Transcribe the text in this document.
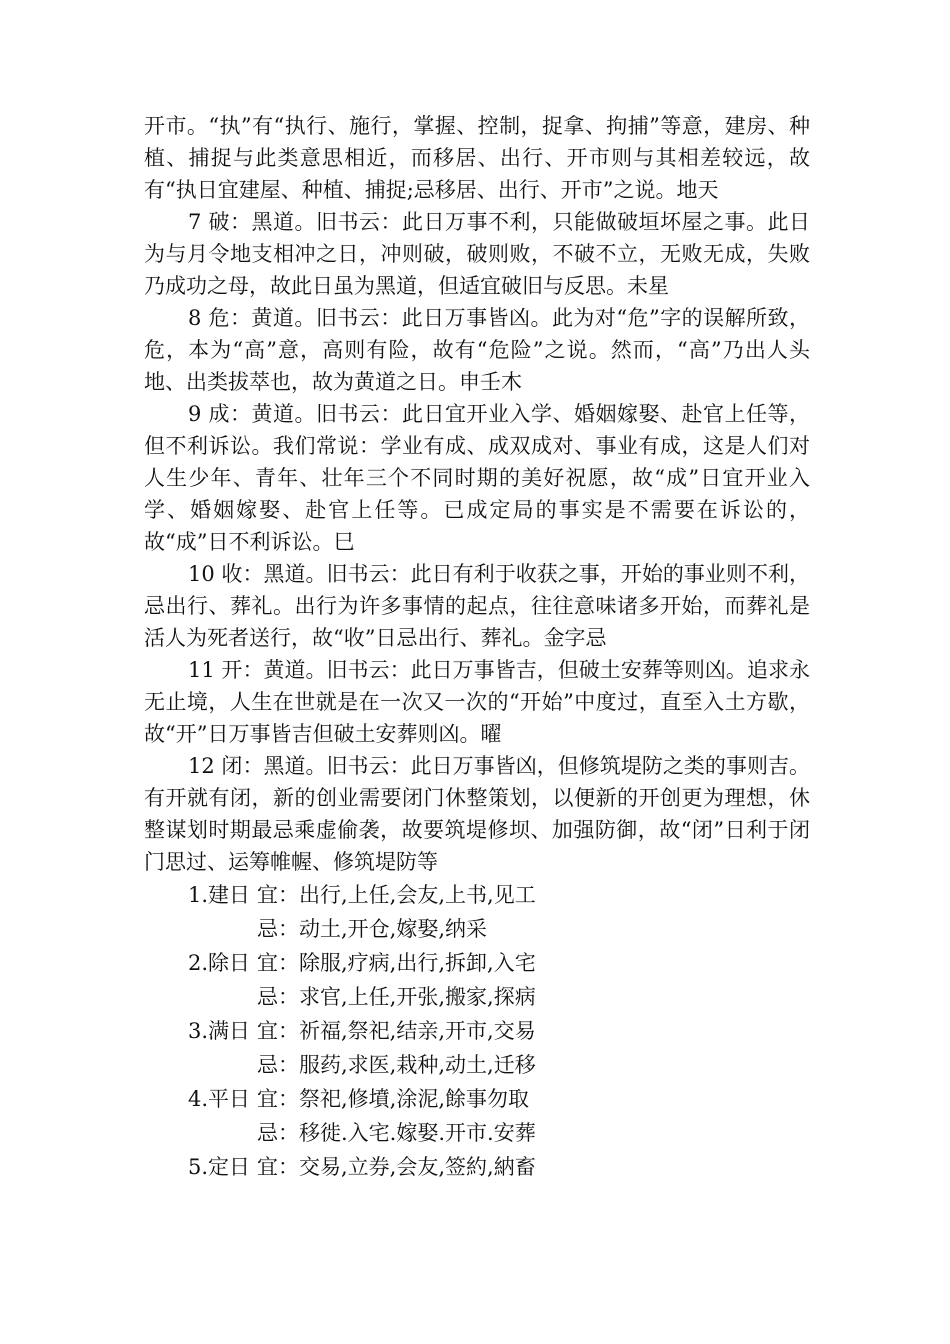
开市。“执”有“执行、施行，掌握、控制，捉拿、拘捕”等意，建房、种植、捕捉与此类意思相近，而移居、出行、开市则与其相差较远，故有“执日宜建屋、种植、捕捉;忌移居、出行、开市”之说。地天

7 破：黑道。旧书云：此日万事不利，只能做破垣坏屋之事。此日为与月令地支相冲之日，冲则破，破则败，不破不立，无败无成，失败乃成功之母，故此日虽为黑道，但适宜破旧与反思。未星

8 危：黄道。旧书云：此日万事皆凶。此为对“危”字的误解所致，危，本为“高”意，高则有险，故有“危险”之说。然而，“高”乃出人头地、出类拔萃也，故为黄道之日。申壬木

9 成：黄道。旧书云：此日宜开业入学、婚姻嫁娶、赴官上任等，但不利诉讼。我们常说：学业有成、成双成对、事业有成，这是人们对人生少年、青年、壮年三个不同时期的美好祝愿，故“成”日宜开业入学、婚姻嫁娶、赴官上任等。已成定局的事实是不需要在诉讼的，故“成”日不利诉讼。巳

10 收：黑道。旧书云：此日有利于收获之事，开始的事业则不利，忌出行、葬礼。出行为许多事情的起点，往往意味诸多开始，而葬礼是活人为死者送行，故“收”日忌出行、葬礼。金字忌

11 开：黄道。旧书云：此日万事皆吉，但破土安葬等则凶。追求永无止境，人生在世就是在一次又一次的“开始”中度过，直至入土方歇，故“开”日万事皆吉但破土安葬则凶。曜

12 闭：黑道。旧书云：此日万事皆凶，但修筑堤防之类的事则吉。有开就有闭，新的创业需要闭门休整策划，以便新的开创更为理想，休整谋划时期最忌乘虚偷袭，故要筑堤修坝、加强防御，故“闭”日利于闭门思过、运筹帷幄、修筑堤防等

1.建日 宜： 出行,上任,会友,上书,见工
忌： 动土,开仓,嫁娶,纳采
2.除日 宜： 除服,疗病,出行,拆卸,入宅
忌： 求官,上任,开张,搬家,探病
3.满日 宜： 祈福,祭祀,结亲,开市,交易
忌： 服药,求医,栽种,动土,迁移
4.平日 宜： 祭祀,修墳,涂泥,餘事勿取
忌： 移徙.入宅.嫁娶.开市.安葬
5.定日 宜： 交易,立券,会友,签約,納畜
